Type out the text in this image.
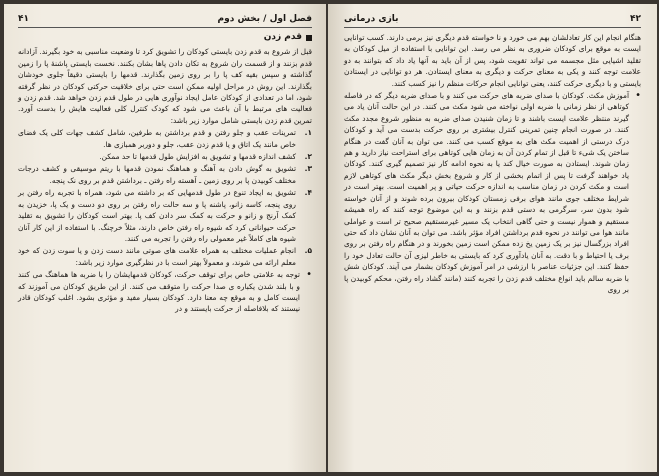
۴۱	فصل اول / بخش دوم
قدم زدن

قبل از شروع به قدم زدن بایستی کودکان را تشویق کرد تا وضعیت مناسبی به خود بگیرند. آزادانه قدم بزنند و از قسمت ران شروع به تکان دادن پاها بشان بکنند. نخست بایستی پاشنهٔ پا را زمین گذاشته و سپس بقیه کف پا را بر روی زمین بگذارند. قدمها را بایستی دقیقاً جلوی خودشان بگذارند. این روش در مراحل اولیه ممکن است حتی برای خلاقیت حرکتی کودکان در نظر گرفته شود، اما در تعدادی از کودکان عامل ایجاد نوآوری هایی در طول قدم زدن خواهد شد. قدم زدن و فعالیت های مرتبط با آن باعث می شود که کودک کنترل کلی فعالیت هایش را بدست آورد. تمرین قدم زدن بایستی شامل موارد زیر باشد:

۱.
تمرینات عقب و جلو رفتن و قدم برداشتن به طرفین، شامل کشف جهات کلی یک فضای خاص مانند یک اتاق و یا قدم زدن عقب، جلو و دوربر همبازی ها.
۲.
کشف اندازه قدمها و تشویق به افزایش طول قدمها تا حد ممکن.
۳.
تشویق به گوش دادن به آهنگ و هماهنگ نمودن قدمها با ریتم موسیقی و کشف درجات مختلف کوبیدن پا بر روی زمین ـ آهسته راه رفتن ـ برداشتن قدم بر روی نک پنجه.
۴.
تشویق به ایجاد تنوع در طول قدمهایی که بر داشته می شود، همراه با تجربه راه رفتن بر روی پنجه، کاسه زانو، پاشنه پا و سه حالت راه رفتن بر روی دو دست و یک پا، خزیدن به کمک آرنج و زانو و حرکت به کمک سر دادن کف پا. بهتر است کودکان را تشویق به تقلید حرکت حیواناتی کرد که شیوه راه رفتن خاص دارند، مثلاً خرچنگ. با استفاده از این کار آنان شیوه های کاملاً غیر معمولی راه رفتن را تجربه می کنند.
۵.
انجام عملیات مختلف به همراه علامت های صوتی مانند دست زدن و یا سوت زدن که خود معلم ارائه می شوند، و معمولاً بهتر است با در نظرگیری موارد زیر باشد:
•
توجه به علامتی خاص برای توقف حرکت، کودکان قدمهایشان را با ضربه ها هماهنگ می کنند و با بلند شدن یکباره ی صدا حرکت را متوقف می کنند. از این طریق کودکان می آموزند که ایست کامل و به موقع چه معنا دارد. کودکان بسیار مفید و مؤثری بشود. اغلب کودکان قادر نیستند که بلافاصله از حرکت بایستند و در
بازی درمانی	۴۲

هنگام انجام این کار تعادلشان بهم می خورد و نا خواسته قدم دیگری نیز برمی دارند. کسب توانایی ایست به موقع برای کودکان ضروری به نظر می رسد. این توانایی با استفاده از میل کودکان به تقلید اشیایی مثل مجسمه می تواند تقویت شود، پس از آن باید به آنها یاد داد که بتوانند به دو علامت توجه کنند و یکی به معنای حرکت و دیگری به معنای ایستادن. هر دو توانایی در ایستادن بایستی و با دیگری حرکت کنند، یعنی توانایی انجام حرکات منظم را نیز کسب کنند.

•
آموزش مکث. کودکان با صدای ضربه های حرکت می کنند و با صدای ضربه دیگر که در فاصله کوتاهی از نظر زمانی با ضربه اولی نواخته می شود مکث می کنند. در این حالت آنان یاد می گیرند منتظر علامت ایست باشند و تا زمان شنیدن صدای ضربه به منظور شروع مجدد مکث کنند. در صورت انجام چنین تمرینی کنترل بیشتری بر روی حرکت بدست می آید و کودکان درک درستی از اهمیت مکث های به موقع کسب می کنند. می توان به آنان گفت در هنگام ساختن یک شیء تا قبل از تمام کردن آن به زمان هایی کوتاهی برای استراحت نیاز دارید و هم زمان شوند. ایستادن به صورت خیال کند یا به نحوه ادامه کار نیز تصمیم گیری کنند. کودکان یاد خواهند گرفت تا پس از اتمام بخشی از کار و شروع بخش دیگر مکث های کوتاهی لازم است و مکث کردن در زمان مناسب به اندازه حرکت حیاتی و پر اهمیت است. بهتر است در شرایط مختلف جوی مانند هوای برفی زمستان کودکان بیرون برده شوند و از آنان خواسته شود بدون سر، سرگرمی به دستی قدم بزنند و به این موضوع توجه کنند که راه همیشه مستقیم و هموار نیست و حتی گاهی انتخاب یک مسیر غیرمستقیم صحیح تر است و عواملی مانند هوا می توانند در نحوه قدم برداشتن افراد مؤثر باشد. می توان به آنان نشان داد که حتی افراد بزرگسال نیز بر یک زمین یخ زده ممکن است زمین بخورند و در هنگام راه رفتن بر روی برف یا احتیاط و با دقت. به آنان یادآوری کرد که بایستی به خاطر لیزی آن حالت تعادل خود را حفظ کنند. این جزئیات عناصر با ارزشی در امر آموزش کودکان بشمار می آیند. کودکان شش با ضربه سالم باید انواع مختلف قدم زدن را تجربه کنند (مانند گشاد راه رفتن، محکم کوبیدن پا بر روی
